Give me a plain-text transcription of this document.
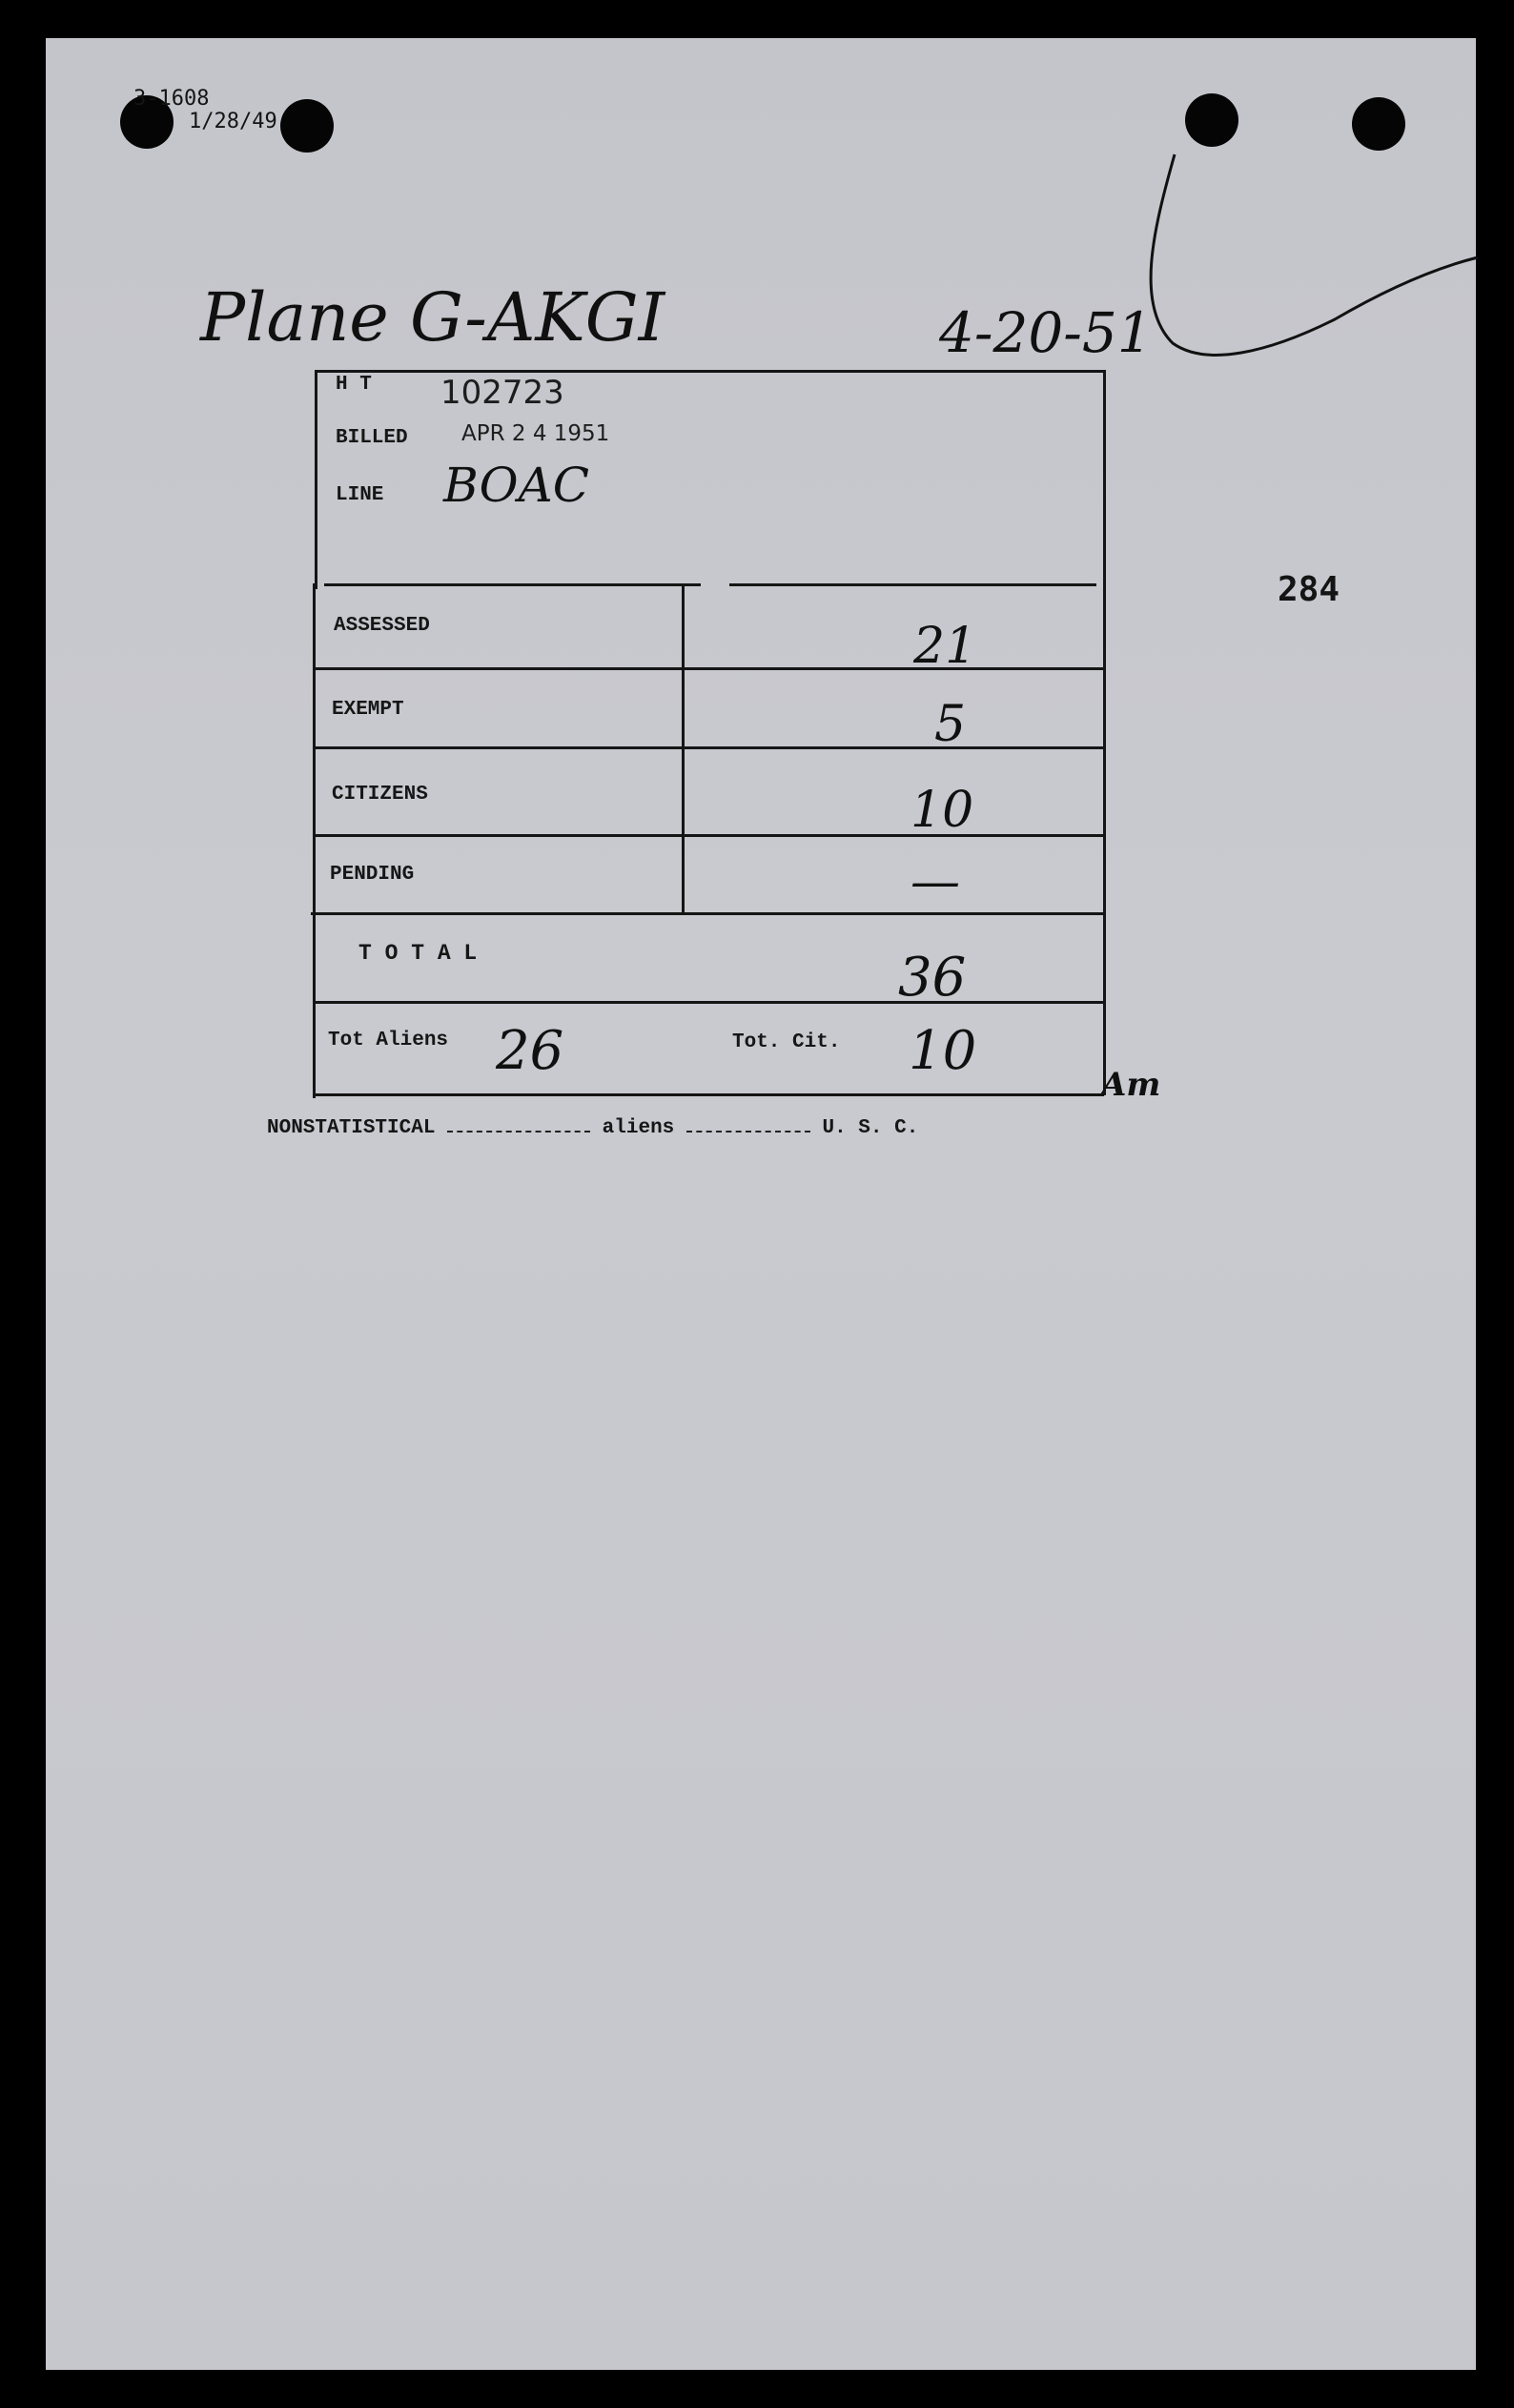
3-1608
1/28/49
Plane G-AKGI	4-20-51
284
H T 102723
BILLED APR 2 4 1951
LINE BOAC
ASSESSED	21
EXEMPT	5
CITIZENS	10
PENDING	—
T O T A L	36
Tot Aliens 26	Tot. Cit. 10
Am
NONSTATISTICAL	aliens	U. S. C.
